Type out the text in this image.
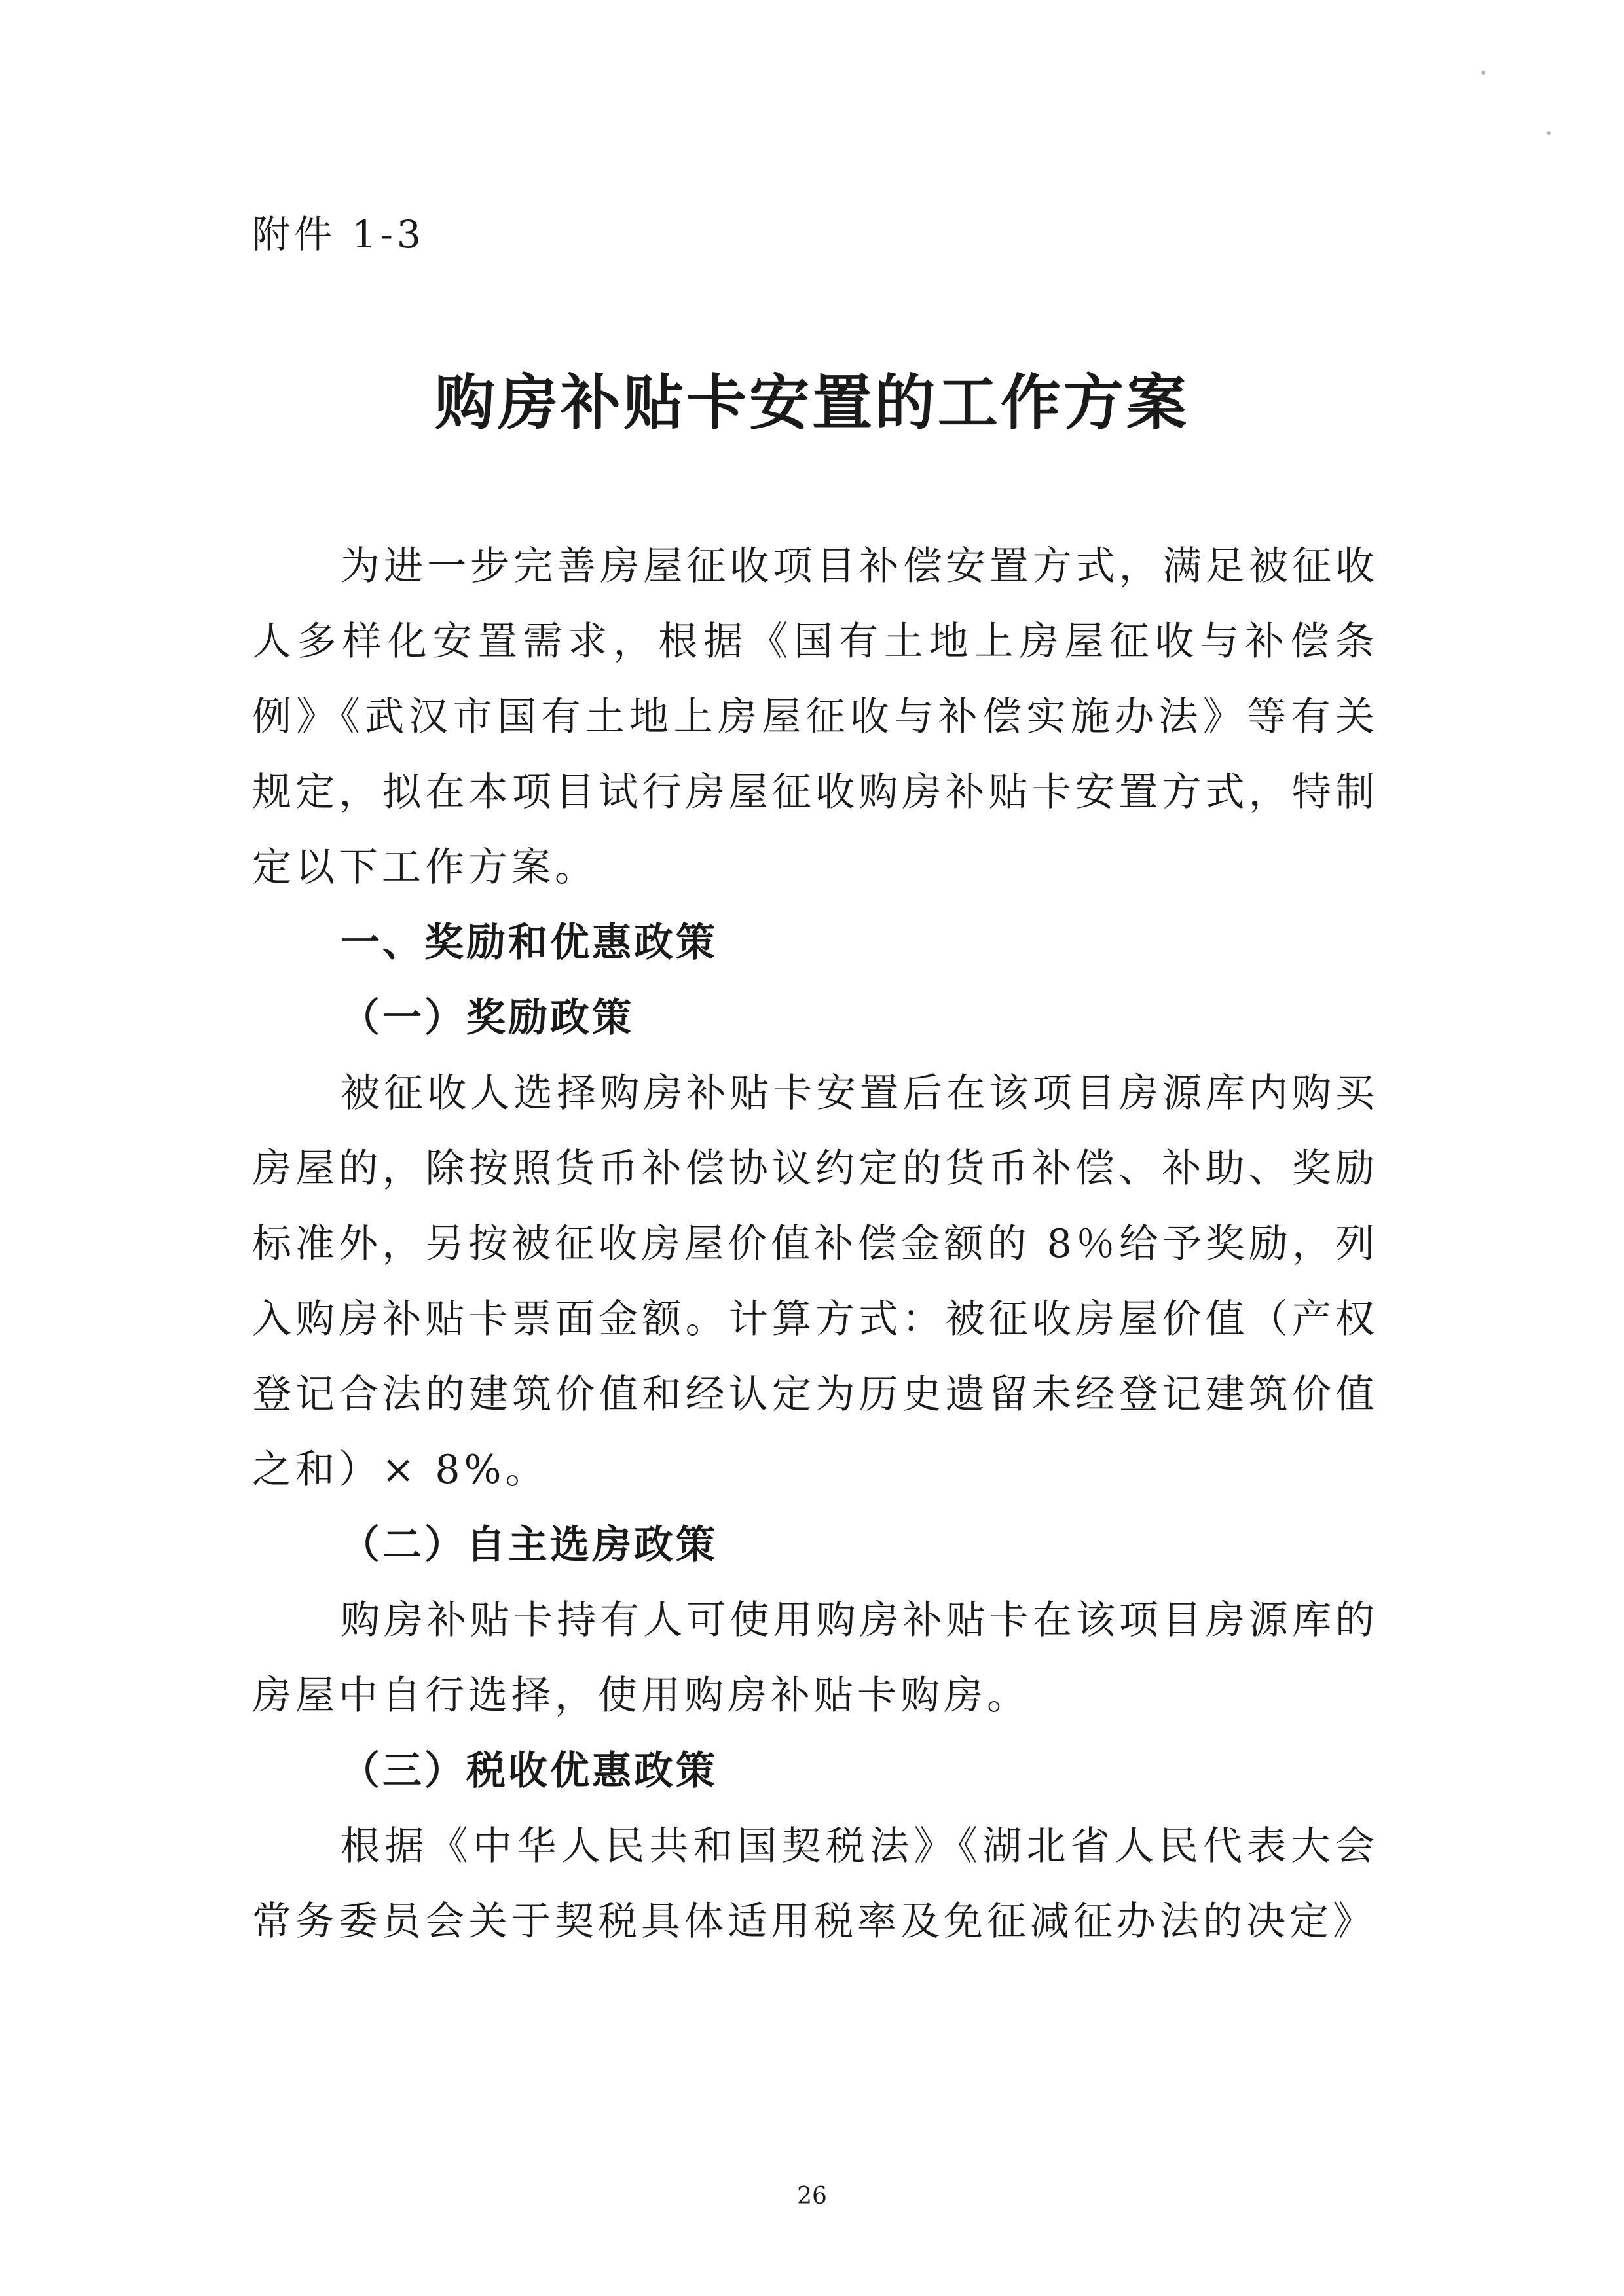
附件 1-3
购房补贴卡安置的工作方案

为进一步完善房屋征收项目补偿安置方式，满足被征收人多样化安置需求，根据《国有土地上房屋征收与补偿条例》《武汉市国有土地上房屋征收与补偿实施办法》等有关规定，拟在本项目试行房屋征收购房补贴卡安置方式，特制定以下工作方案。

一、奖励和优惠政策

（一）奖励政策

被征收人选择购房补贴卡安置后在该项目房源库内购买房屋的，除按照货币补偿协议约定的货币补偿、补助、奖励标准外，另按被征收房屋价值补偿金额的 8％给予奖励，列入购房补贴卡票面金额。计算方式：被征收房屋价值（产权登记合法的建筑价值和经认定为历史遗留未经登记建筑价值之和）× 8%。

（二）自主选房政策

购房补贴卡持有人可使用购房补贴卡在该项目房源库的房屋中自行选择，使用购房补贴卡购房。

（三）税收优惠政策

根据《中华人民共和国契税法》《湖北省人民代表大会常务委员会关于契税具体适用税率及免征减征办法的决定》

26
